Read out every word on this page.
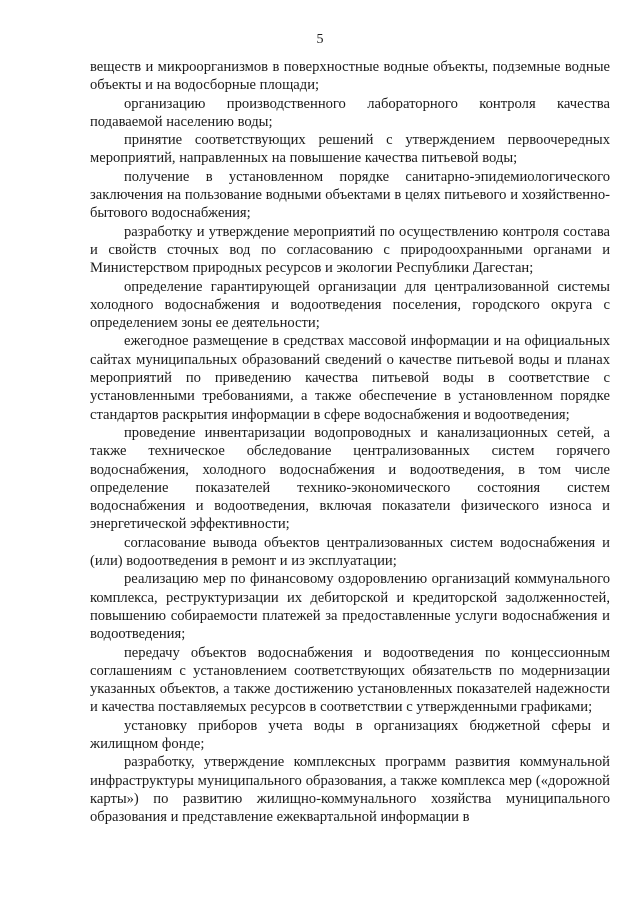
5

веществ и микроорганизмов в поверхностные водные объекты, подземные водные объекты и на водосборные площади;

организацию производственного лабораторного контроля качества подаваемой населению воды;

принятие соответствующих решений с утверждением первоочередных мероприятий, направленных на повышение качества питьевой воды;

получение в установленном порядке санитарно-эпидемиологического заключения на пользование водными объектами в целях питьевого и хозяйственно-бытового водоснабжения;

разработку и утверждение мероприятий по осуществлению контроля состава и свойств сточных вод по согласованию с природоохранными органами и Министерством природных ресурсов и экологии Республики Дагестан;

определение гарантирующей организации для централизованной системы холодного водоснабжения и водоотведения поселения, городского округа с определением зоны ее деятельности;

ежегодное размещение в средствах массовой информации и на официальных сайтах муниципальных образований сведений о качестве питьевой воды и планах мероприятий по приведению качества питьевой воды в соответствие с установленными требованиями, а также обеспечение в установленном порядке стандартов раскрытия информации в сфере водоснабжения и водоотведения;

проведение инвентаризации водопроводных и канализационных сетей, а также техническое обследование централизованных систем горячего водоснабжения, холодного водоснабжения и водоотведения, в том числе определение показателей технико-экономического состояния систем водоснабжения и водоотведения, включая показатели физического износа и энергетической эффективности;

согласование вывода объектов централизованных систем водоснабжения и (или) водоотведения в ремонт и из эксплуатации;

реализацию мер по финансовому оздоровлению организаций коммунального комплекса, реструктуризации их дебиторской и кредиторской задолженностей, повышению собираемости платежей за предоставленные услуги водоснабжения и водоотведения;

передачу объектов водоснабжения и водоотведения по концессионным соглашениям с установлением соответствующих обязательств по модернизации указанных объектов, а также достижению установленных показателей надежности и качества поставляемых ресурсов в соответствии с утвержденными графиками;

установку приборов учета воды в организациях бюджетной сферы и жилищном фонде;

разработку, утверждение комплексных программ развития коммунальной инфраструктуры муниципального образования, а также комплекса мер («дорожной карты») по развитию жилищно-коммунального хозяйства муниципального образования и представление ежеквартальной информации в
